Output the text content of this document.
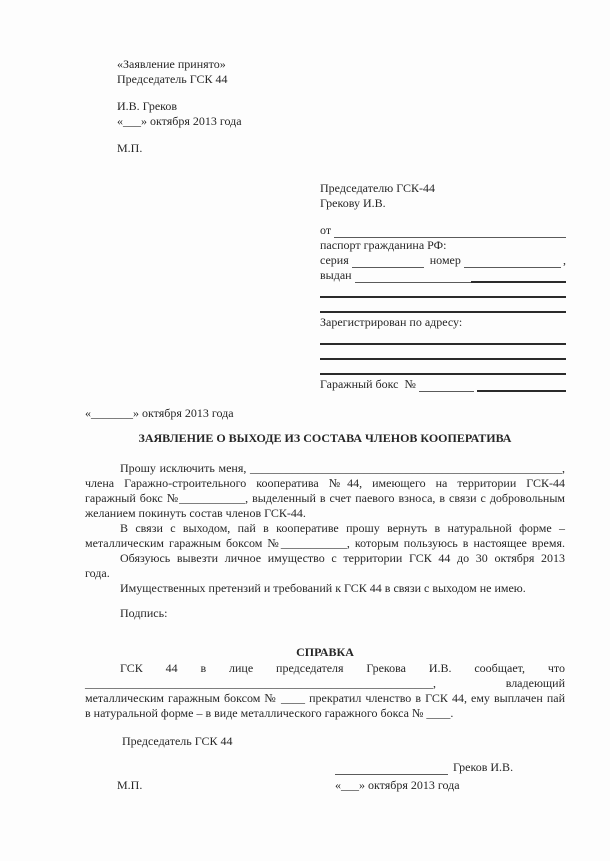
«Заявление принято»
Председатель ГСК 44
И.В. Греков
«___» октября 2013 года
М.П.
Председателю ГСК-44
Грекову И.В.
от
паспорт гражданина РФ:
серия	номер	,
выдан
Зарегистрирован по адресу:
Гаражный бокс  №
«_______» октября 2013 года
ЗАЯВЛЕНИЕ О ВЫХОДЕ ИЗ СОСТАВА ЧЛЕНОВ КООПЕРАТИВА
Прошу исключить меня, ____________________________________________________,
члена Гаражно-строительного кооператива №44, имеющего на территории ГСК-44
гаражный бокс №___________, выделенный в счет паевого взноса, в связи с добровольным
желанием покинуть состав членов ГСК-44.
В связи с выходом, пай в кооперативе прошу вернуть в натуральной форме –
металлическим гаражным боксом №___________, которым пользуюсь в настоящее время.
Обязуюсь вывезти личное имущество с территории ГСК 44 до 30 октября 2013
года.
Имущественных претензий и требований к ГСК 44 в связи с выходом не имею.
Подпись:
СПРАВКА
ГСК 44 в лице председателя Грекова И.В. сообщает, что
__________________________________________________________, владеющий
металлическим гаражным боксом № ____ прекратил членство в ГСК 44, ему выплачен пай
в натуральной форме – в виде металлического гаражного бокса № ____.
Председатель ГСК 44
Греков И.В.
«___» октября 2013 года
М.П.
